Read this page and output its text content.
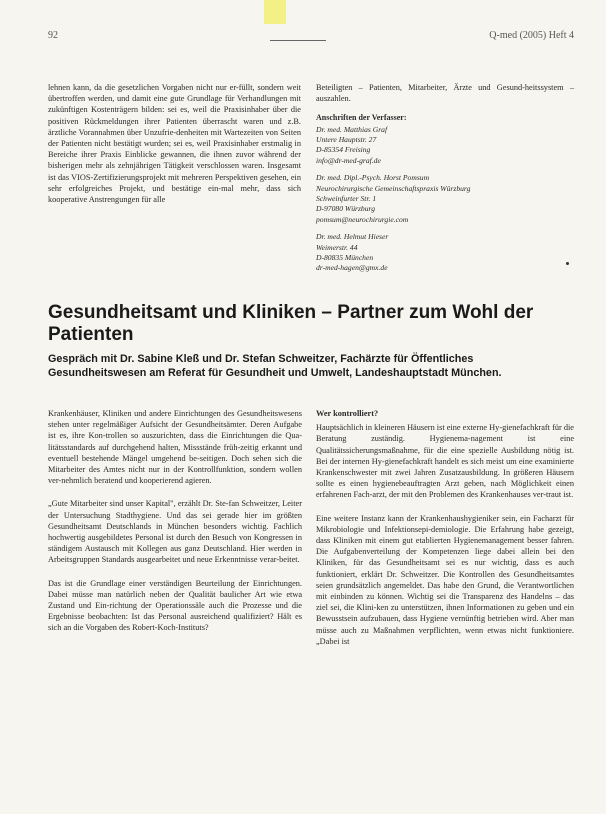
92	Q-med (2005) Heft 4

lehnen kann, da die gesetzlichen Vorgaben nicht nur er-füllt, sondern weit übertroffen werden, und damit eine gute Grundlage für Verhandlungen mit zukünftigen Kostenträgern bilden: sei es, weil die Praxisinhaber über die positiven Rückmeldungen ihrer Patienten überrascht waren und z.B. ärztliche Vorannahmen über Unzufrie-denheiten mit Wartezeiten von Seiten der Patienten nicht bestätigt wurden; sei es, weil Praxisinhaber erstmalig in Bereiche ihrer Praxis Einblicke gewannen, die ihnen zuvor während der bisherigen mehr als zehnjährigen Tätigkeit verschlossen waren. Insgesamt ist das VIOS-Zertifizierungsprojekt mit mehreren Perspektiven gesehen, ein sehr erfolgreiches Projekt, und bestätige ein-mal mehr, dass sich kooperative Anstrengungen für alle

Beteiligten – Patienten, Mitarbeiter, Ärzte und Gesund-heitssystem – auszahlen.

Anschriften der Verfasser:
Dr. med. Matthias Graf
Untere Hauptstr. 27
D-85354 Freising
info@dr-med-graf.de
Dr. med. Dipl.-Psych. Horst Pomsum
Neurochirurgische Gemeinschaftspraxis Würzburg
Schweinfurter Str. 1
D-97080 Würzburg
pomsum@neurochirurgie.com
Dr. med. Helmut Hieser
Weimerstr. 44
D-80835 München
dr-med-hagen@gmx.de
Gesundheitsamt und Kliniken – Partner zum Wohl der Patienten
Gespräch mit Dr. Sabine Kleß und Dr. Stefan Schweitzer, Fachärzte für Öffentliches Gesundheitswesen am Referat für Gesundheit und Umwelt, Landeshauptstadt München.

Krankenhäuser, Kliniken und andere Einrichtungen des Gesundheitswesens stehen unter regelmäßiger Aufsicht der Gesundheitsämter. Deren Aufgabe ist es, ihre Kon-trollen so auszurichten, dass die Einrichtungen die Qua-litätsstandards auf durchgehend halten, Missstände früh-zeitig erkannt und eventuell bestehende Mängel umgehend be-seitigen. Doch sehen sich die Mitarbeiter des Amtes nicht nur in der Kontrollfunktion, sondern wollen ver-nehmlich beratend und kooperierend agieren.

„Gute Mitarbeiter sind unser Kapital", erzählt Dr. Ste-fan Schweitzer, Leiter der Untersuchung Stadthygiene. Und das sei gerade hier im größten Gesundheitsamt Deutschlands in München besonders wichtig. Fachlich hochwertig ausgebildetes Personal ist durch den Besuch von Kongressen in ständigem Austausch mit Kollegen aus ganz Deutschland. Hier werden in Arbeitsgruppen Standards ausgearbeitet und neue Erkenntnisse verar-beitet.

Das ist die Grundlage einer verständigen Beurteilung der Einrichtungen. Dabei müsse man natürlich neben der Qualität baulicher Art wie etwa Zustand und Ein-richtung der Operationssäle auch die Prozesse und die Ergebnisse beobachten: Ist das Personal ausreichend qualifiziert? Hält es sich an die Vorgaben des Robert-Koch-Instituts?

Wer kontrolliert?

Hauptsächlich in kleineren Häusern ist eine externe Hy-gienefachkraft für die Beratung zuständig. Hygienema-nagement ist eine Qualitätssicherungsmaßnahme, für die eine spezielle Ausbildung nötig ist. Bei der internen Hy-gienefachkraft handelt es sich meist um eine examinierte Krankenschwester mit zwei Jahren Zusatzausbildung. In größeren Häusern sollte es einen hygienebeauftragten Arzt geben, nach Möglichkeit einen erfahrenen Fach-arzt, der mit den Problemen des Krankenhauses ver-traut ist.

Eine weitere Instanz kann der Krankenhaushygieniker sein, ein Facharzt für Mikrobiologie und Infektionsepi-demiologie. Die Erfahrung habe gezeigt, dass Kliniken mit einem gut etablierten Hygienemanagement besser fahren. Die Aufgabenverteilung der Kompetenzen liege dabei allein bei den Kliniken, für das Gesundheitsamt sei es nur wichtig, dass es auch funktioniert, erklärt Dr. Schweitzer. Die Kontrollen des Gesundheitsamtes seien grundsätzlich angemeldet. Das habe den Grund, die Verantwortlichen mit einbinden zu können. Wichtig sei die Transparenz des Handelns – das ziel sei, die Klini-ken zu unterstützen, ihnen Informationen zu geben und ein Bewusstsein aufzubauen, dass Hygiene vernünftig betrieben wird. Aber man müsse auch zu Maßnahmen verpflichten, wenn etwas nicht funktioniere. „Dabei ist
